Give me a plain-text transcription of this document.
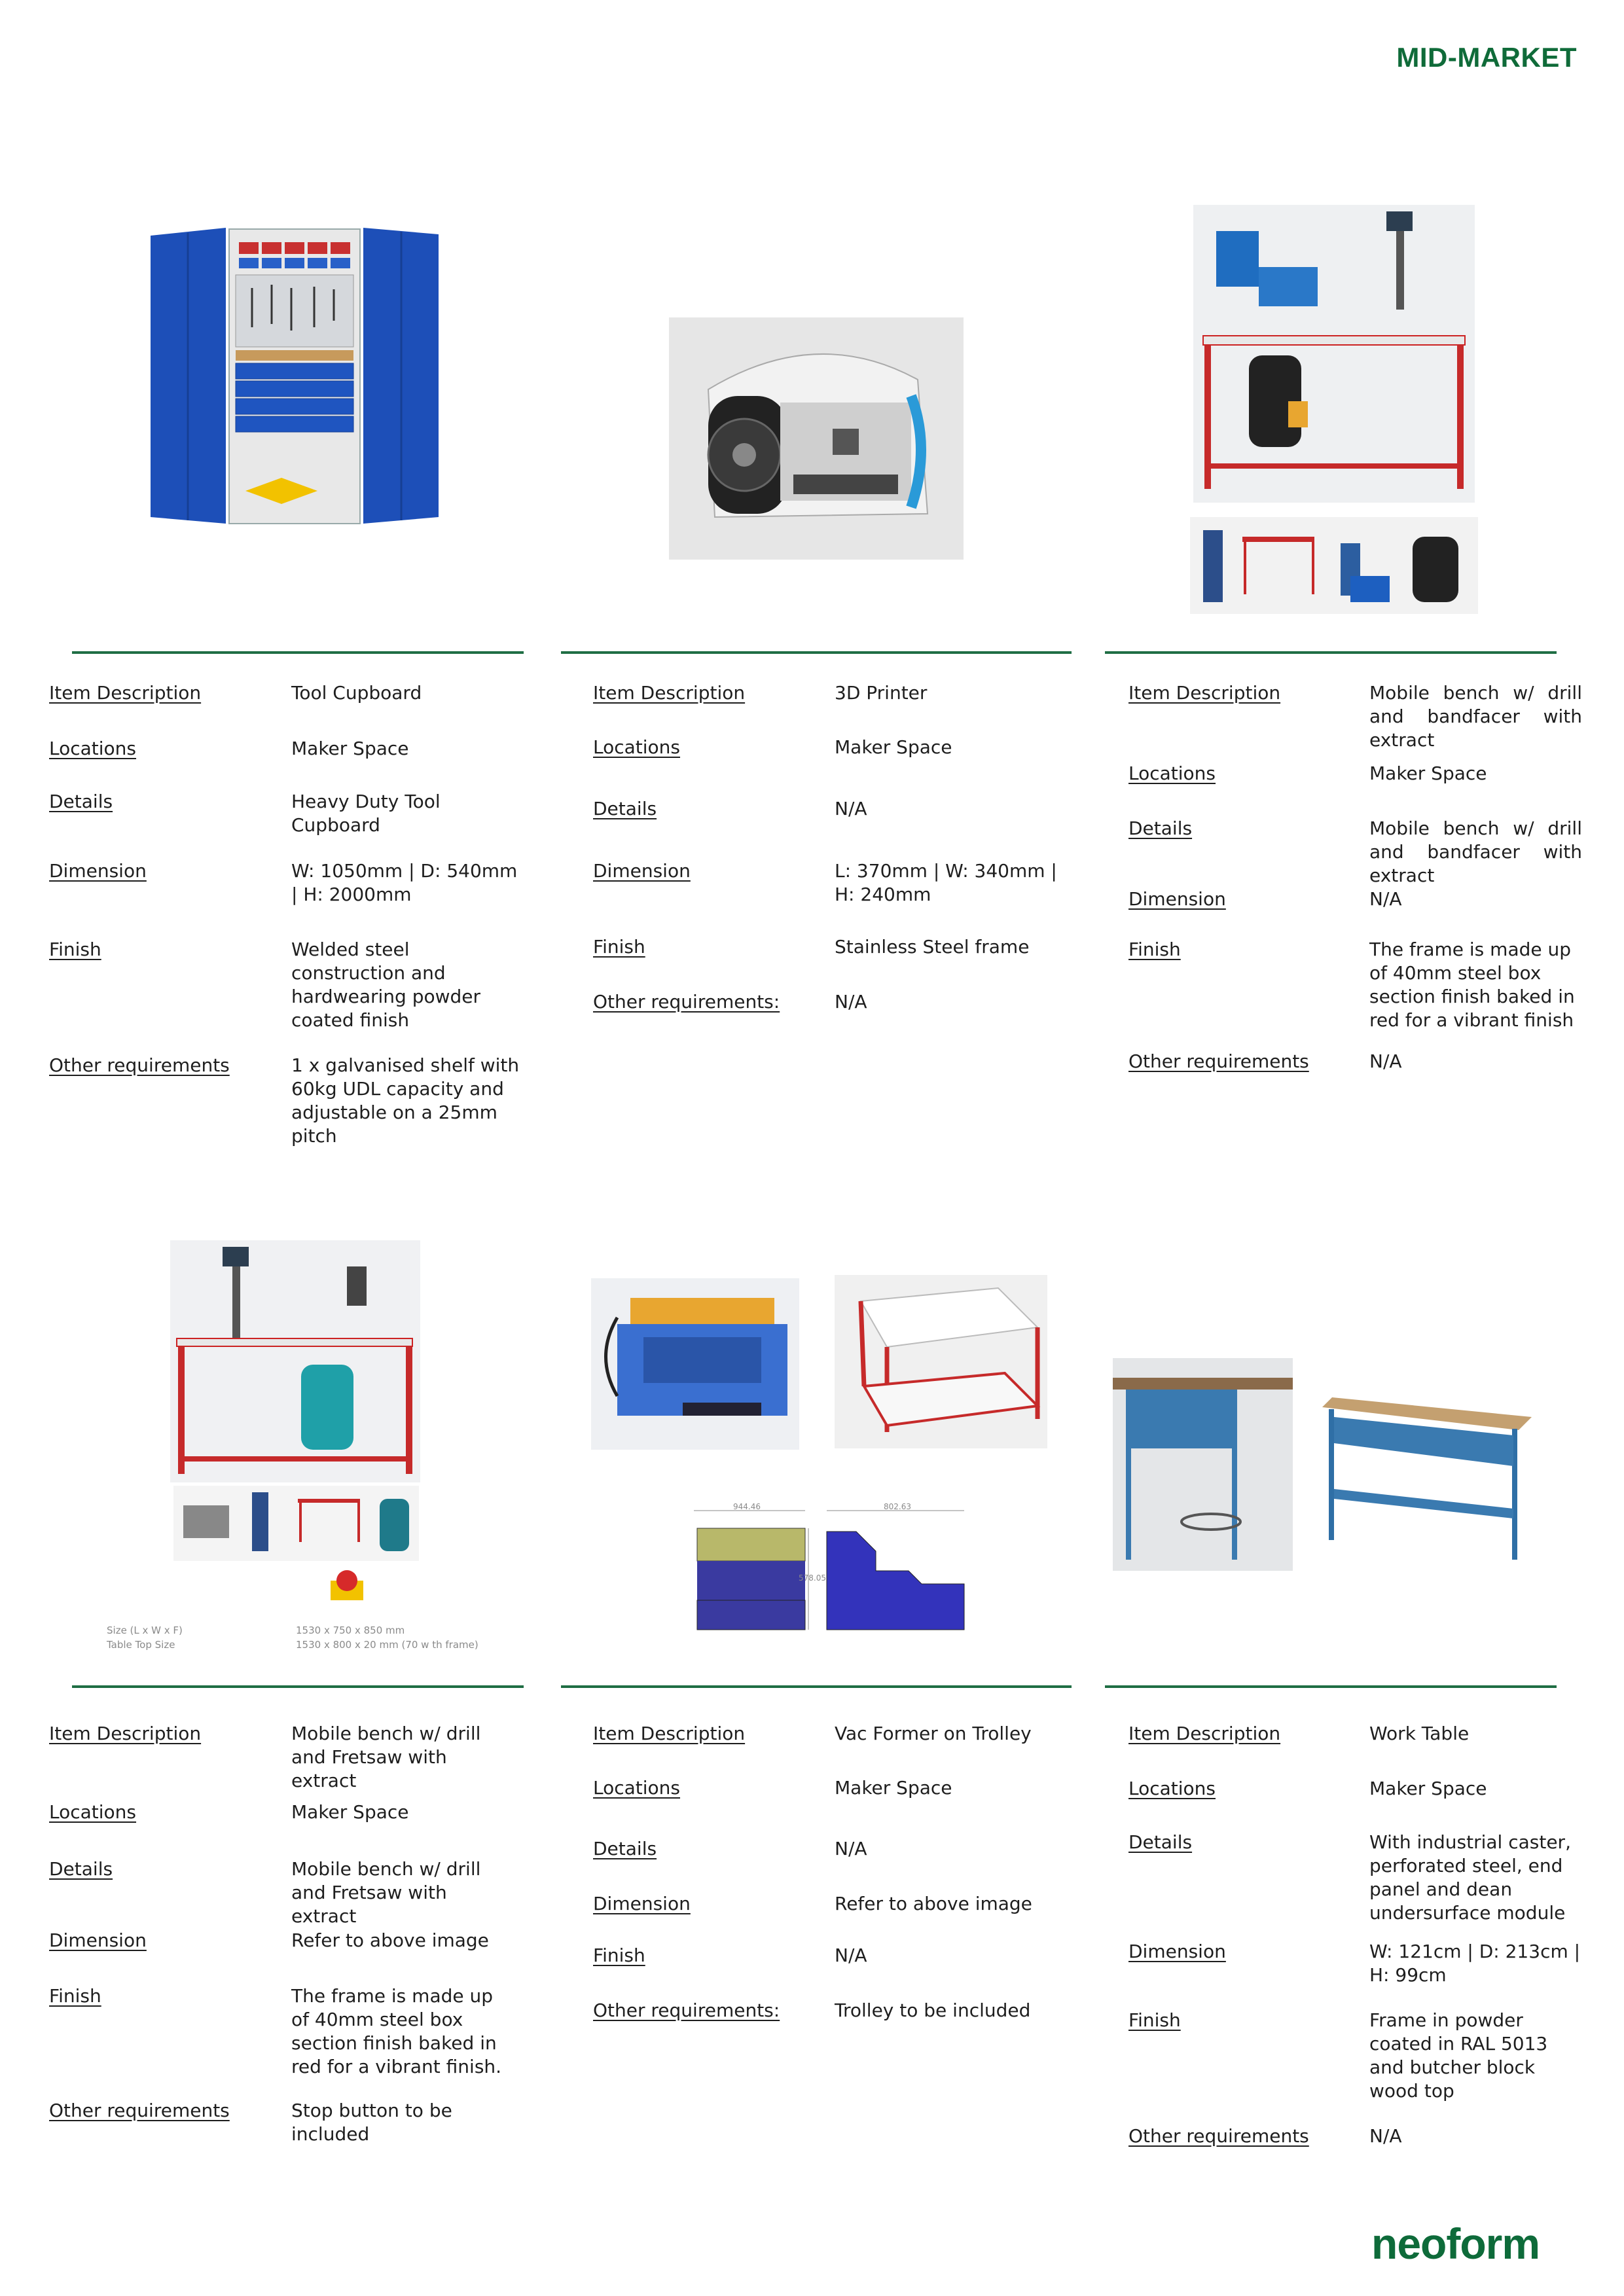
MID-MARKET
Item Description	Tool Cupboard
Locations	Maker Space
Details	Heavy Duty Tool Cupboard
Dimension	W: 1050mm | D: 540mm | H: 2000mm
Finish	Welded steel construction and hardwearing powder coated finish
Other requirements	1 x galvanised shelf with 60kg UDL capacity and adjustable on a 25mm pitch
Item Description	3D Printer
Locations	Maker Space
Details	N/A
Dimension	L: 370mm | W: 340mm | H: 240mm
Finish	Stainless Steel frame
Other requirements:	N/A
Item Description	Mobile bench w/ drill and bandfacer with extract
Locations	Maker Space
Details	Mobile bench w/ drill and bandfacer with extract
Dimension	N/A
Finish	The frame is made up of 40mm steel box section finish baked in red for a vibrant finish
Other requirements	N/A
Size (L x W x F)
Table Top Size
1530 x 750 x 850 mm
1530 x 800 x 20 mm (70 w th frame)
944.46
578.05
802.63
Item Description	Mobile bench w/ drill and Fretsaw with extract
Locations	Maker Space
Details	Mobile bench w/ drill and Fretsaw with extract
Dimension	Refer to above image
Finish	The frame is made up of 40mm steel box section finish baked in red for a vibrant finish.
Other requirements	Stop button to be included
Item Description	Vac Former on Trolley
Locations	Maker Space
Details	N/A
Dimension	Refer to above image
Finish	N/A
Other requirements:	Trolley to be included
Item Description	Work Table
Locations	Maker Space
Details	With industrial caster, perforated steel, end panel and dean undersurface module
Dimension	W: 121cm | D: 213cm | H: 99cm
Finish	Frame in powder coated in RAL 5013 and butcher block wood top
Other requirements	N/A
neoform
